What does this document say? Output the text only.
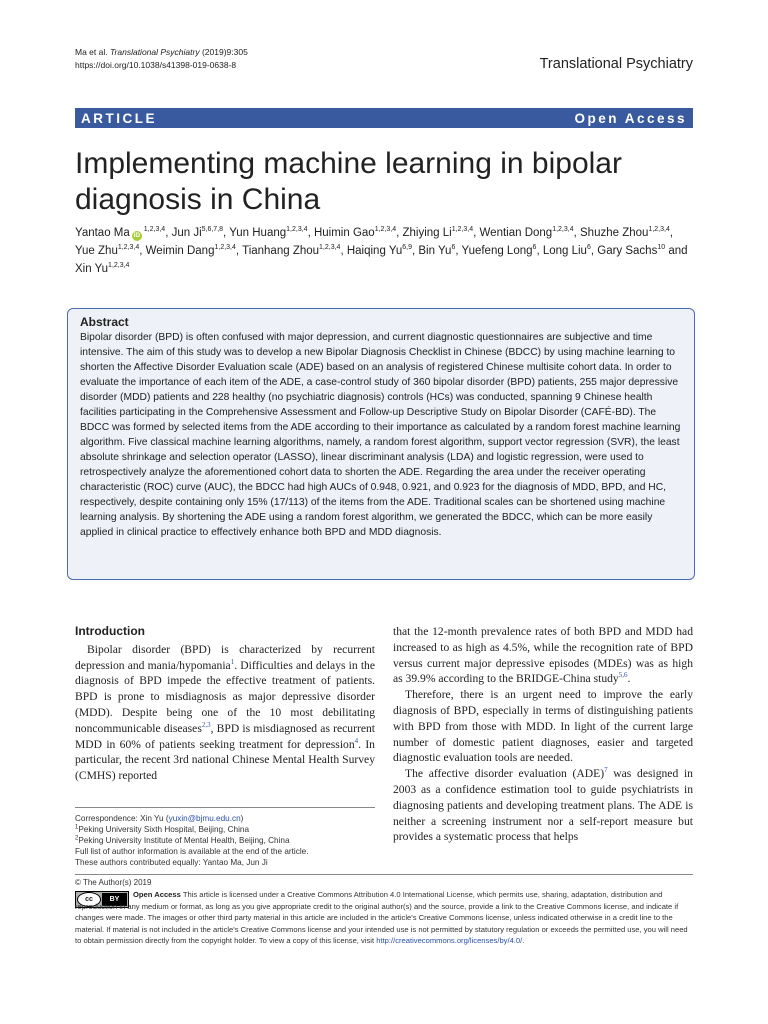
Ma et al. Translational Psychiatry (2019)9:305
https://doi.org/10.1038/s41398-019-0638-8	Translational Psychiatry
ARTICLE	Open Access
Implementing machine learning in bipolar diagnosis in China
Yantao Ma iD$^{1,2,3,4}$, Jun Ji$^{5,6,7,8}$, Yun Huang$^{1,2,3,4}$, Huimin Gao$^{1,2,3,4}$, Zhiying Li$^{1,2,3,4}$, Wentian Dong$^{1,2,3,4}$, Shuzhe Zhou$^{1,2,3,4}$, Yue Zhu$^{1,2,3,4}$, Weimin Dang$^{1,2,3,4}$, Tianhang Zhou$^{1,2,3,4}$, Haiqing Yu$^{6,9}$, Bin Yu$^6$, Yuefeng Long$^6$, Long Liu$^6$, Gary Sachs$^{10}$ and Xin Yu$^{1,2,3,4}$
Abstract
Bipolar disorder (BPD) is often confused with major depression, and current diagnostic questionnaires are subjective and time intensive. The aim of this study was to develop a new Bipolar Diagnosis Checklist in Chinese (BDCC) by using machine learning to shorten the Affective Disorder Evaluation scale (ADE) based on an analysis of registered Chinese multisite cohort data. In order to evaluate the importance of each item of the ADE, a case-control study of 360 bipolar disorder (BPD) patients, 255 major depressive disorder (MDD) patients and 228 healthy (no psychiatric diagnosis) controls (HCs) was conducted, spanning 9 Chinese health facilities participating in the Comprehensive Assessment and Follow-up Descriptive Study on Bipolar Disorder (CAFÉ-BD). The BDCC was formed by selected items from the ADE according to their importance as calculated by a random forest machine learning algorithm. Five classical machine learning algorithms, namely, a random forest algorithm, support vector regression (SVR), the least absolute shrinkage and selection operator (LASSO), linear discriminant analysis (LDA) and logistic regression, were used to retrospectively analyze the aforementioned cohort data to shorten the ADE. Regarding the area under the receiver operating characteristic (ROC) curve (AUC), the BDCC had high AUCs of 0.948, 0.921, and 0.923 for the diagnosis of MDD, BPD, and HC, respectively, despite containing only 15% (17/113) of the items from the ADE. Traditional scales can be shortened using machine learning analysis. By shortening the ADE using a random forest algorithm, we generated the BDCC, which can be more easily applied in clinical practice to effectively enhance both BPD and MDD diagnosis.
Introduction

Bipolar disorder (BPD) is characterized by recurrent depression and mania/hypomania$^1$. Difficulties and delays in the diagnosis of BPD impede the effective treatment of patients. BPD is prone to misdiagnosis as major depressive disorder (MDD). Despite being one of the 10 most debilitating noncommunicable diseases$^{2,3}$, BPD is misdiagnosed as recurrent MDD in 60% of patients seeking treatment for depression$^4$. In particular, the recent 3rd national Chinese Mental Health Survey (CMHS) reported

that the 12-month prevalence rates of both BPD and MDD had increased to as high as 4.5%, while the recognition rate of BPD versus current major depressive episodes (MDEs) was as high as 39.9% according to the BRIDGE-China study$^{5,6}$.

Therefore, there is an urgent need to improve the early diagnosis of BPD, especially in terms of distinguishing patients with BPD from those with MDD. In light of the current large number of domestic patient diagnoses, easier and targeted diagnostic evaluation tools are needed.

The affective disorder evaluation (ADE)$^7$ was designed in 2003 as a confidence estimation tool to guide psychiatrists in diagnosing patients and developing treatment plans. The ADE is neither a screening instrument nor a self-report measure but provides a systematic process that helps

Correspondence: Xin Yu (yuxin@bjmu.edu.cn)
$^1$Peking University Sixth Hospital, Beijing, China
$^2$Peking University Institute of Mental Health, Beijing, China
Full list of author information is available at the end of the article.
These authors contributed equally: Yantao Ma, Jun Ji
© The Author(s) 2019
cc	BY
Open Access This article is licensed under a Creative Commons Attribution 4.0 International License, which permits use, sharing, adaptation, distribution and reproduction in any medium or format, as long as you give appropriate credit to the original author(s) and the source, provide a link to the Creative Commons license, and indicate if changes were made. The images or other third party material in this article are included in the article's Creative Commons license, unless indicated otherwise in a credit line to the material. If material is not included in the article's Creative Commons license and your intended use is not permitted by statutory regulation or exceeds the permitted use, you will need to obtain permission directly from the copyright holder. To view a copy of this license, visit http://creativecommons.org/licenses/by/4.0/.
